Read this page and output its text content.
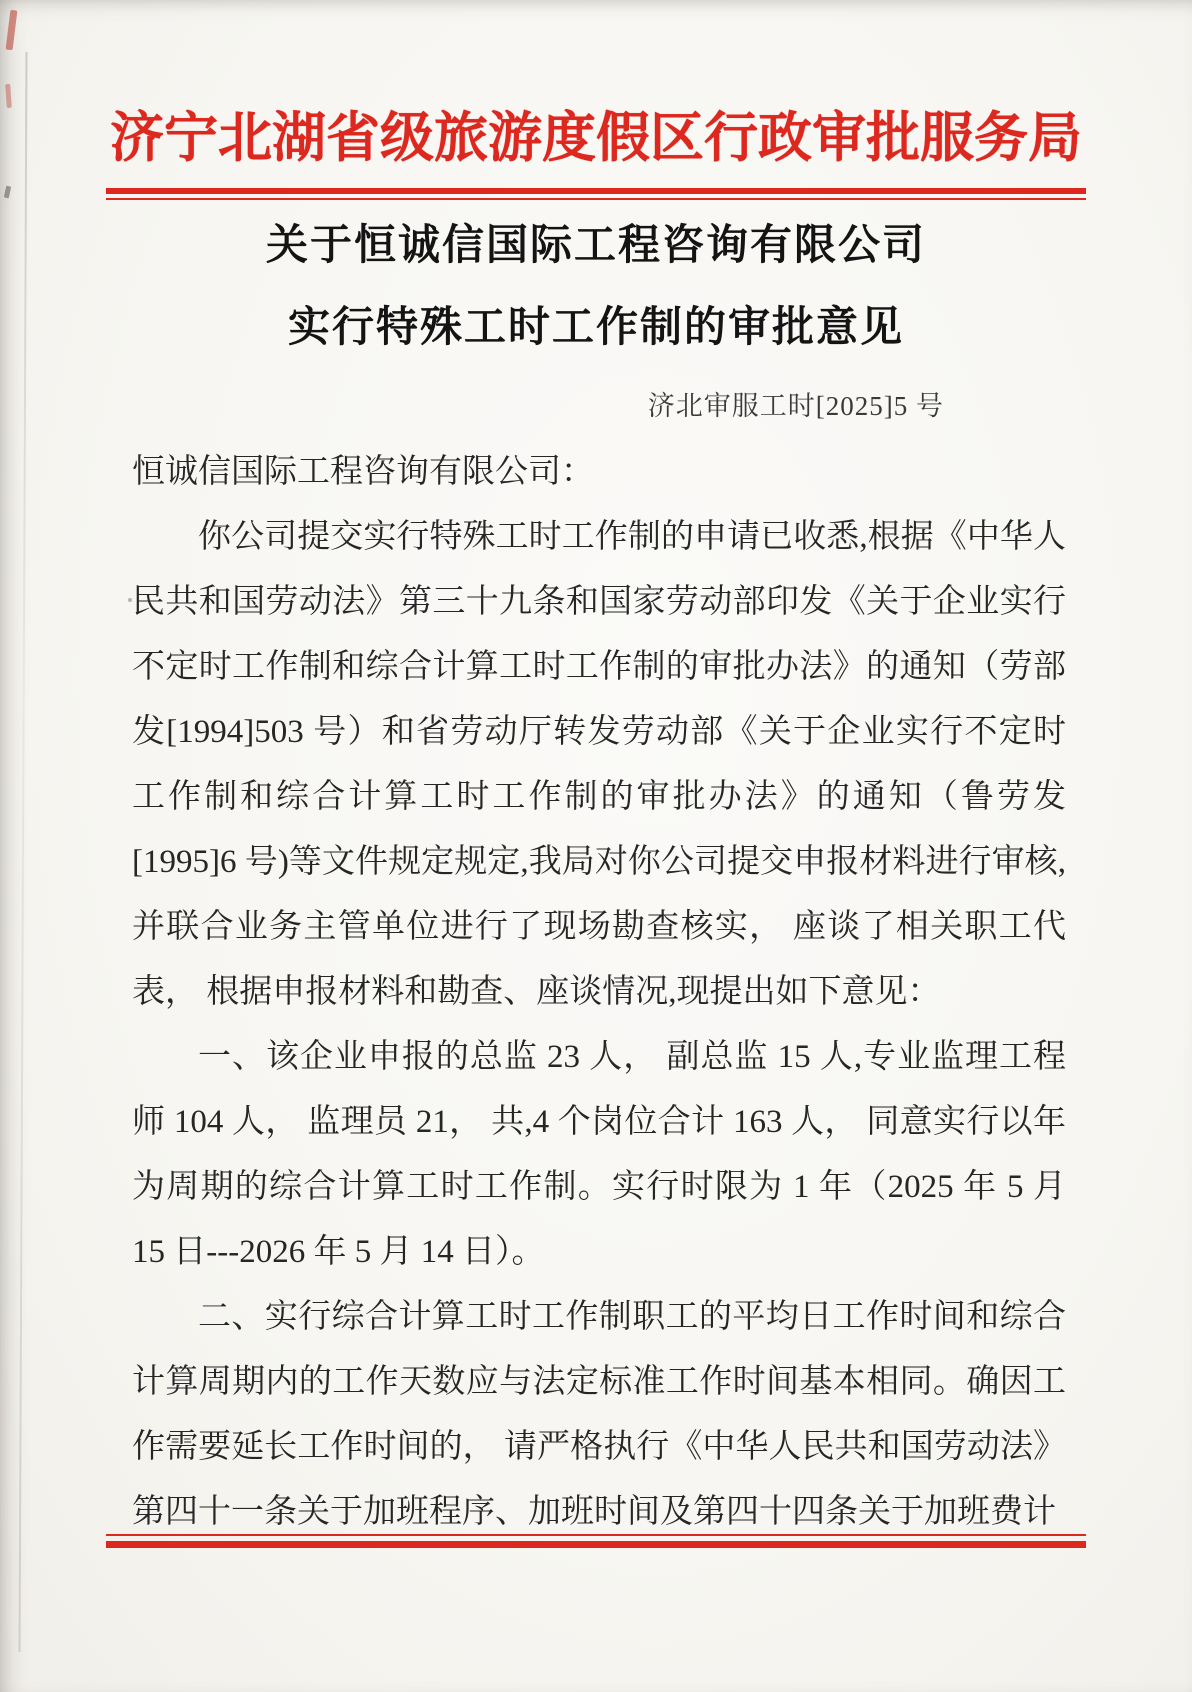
济宁北湖省级旅游度假区行政审批服务局
关于恒诚信国际工程咨询有限公司
实行特殊工时工作制的审批意见
济北审服工时[2025]5 号

恒诚信国际工程咨询有限公司：

你公司提交实行特殊工时工作制的申请已收悉,根据《中华人民共和国劳动法》第三十九条和国家劳动部印发《关于企业实行不定时工作制和综合计算工时工作制的审批办法》的通知（劳部发[1994]503 号）和省劳动厅转发劳动部《关于企业实行不定时工作制和综合计算工时工作制的审批办法》的通知（鲁劳发[1995]6 号)等文件规定规定,我局对你公司提交申报材料进行审核,并联合业务主管单位进行了现场勘查核实， 座谈了相关职工代表， 根据申报材料和勘查、座谈情况,现提出如下意见：

一、该企业申报的总监 23 人， 副总监 15 人,专业监理工程师 104 人， 监理员 21， 共,4 个岗位合计 163 人， 同意实行以年为周期的综合计算工时工作制。实行时限为 1 年（2025 年 5 月 15 日---2026 年 5 月 14 日）。

二、实行综合计算工时工作制职工的平均日工作时间和综合计算周期内的工作天数应与法定标准工作时间基本相同。确因工作需要延长工作时间的， 请严格执行《中华人民共和国劳动法》第四十一条关于加班程序、加班时间及第四十四条关于加班费计
